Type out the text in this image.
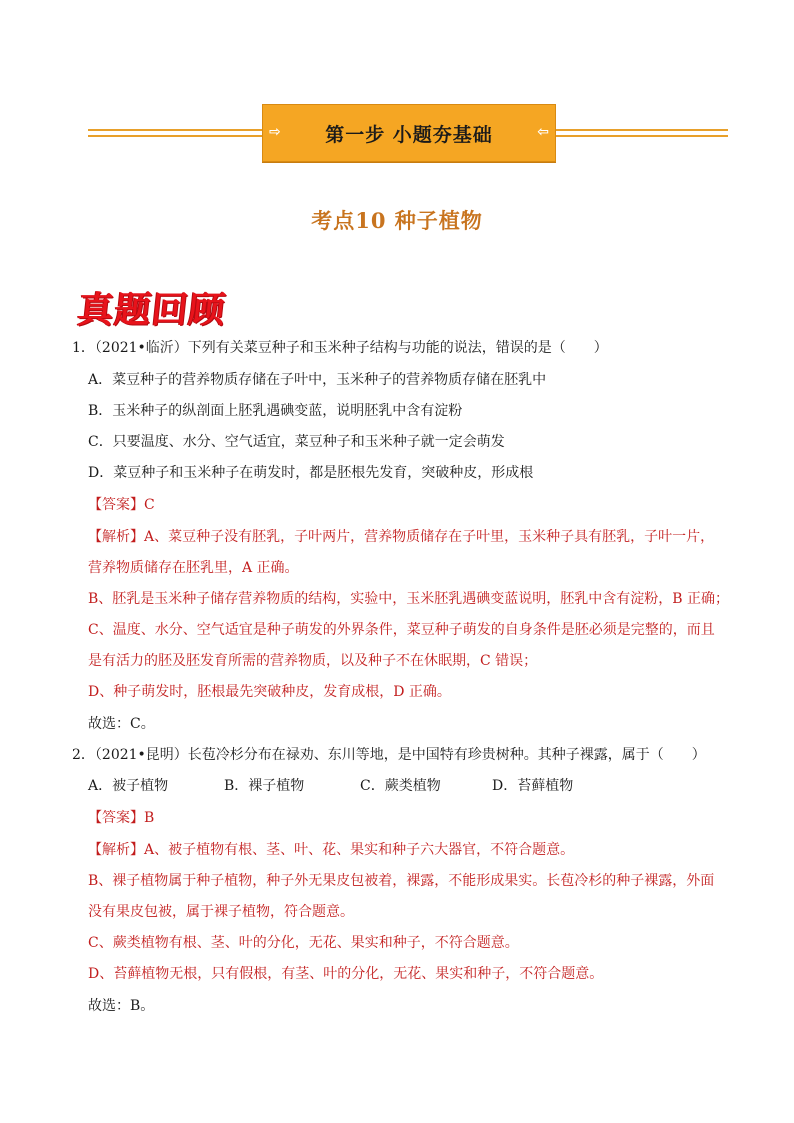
⇨	第一步 小题夯基础	⇦
考点10 种子植物
真题回顾
1．（2021•临沂）下列有关菜豆种子和玉米种子结构与功能的说法，错误的是（　　）
A．菜豆种子的营养物质存储在子叶中，玉米种子的营养物质存储在胚乳中
B．玉米种子的纵剖面上胚乳遇碘变蓝，说明胚乳中含有淀粉
C．只要温度、水分、空气适宜，菜豆种子和玉米种子就一定会萌发
D．菜豆种子和玉米种子在萌发时，都是胚根先发育，突破种皮，形成根
【答案】C
【解析】A、菜豆种子没有胚乳，子叶两片，营养物质储存在子叶里，玉米种子具有胚乳，子叶一片，
营养物质储存在胚乳里，A 正确。
B、胚乳是玉米种子储存营养物质的结构，实验中，玉米胚乳遇碘变蓝说明，胚乳中含有淀粉，B 正确；
C、温度、水分、空气适宜是种子萌发的外界条件，菜豆种子萌发的自身条件是胚必须是完整的，而且
是有活力的胚及胚发育所需的营养物质，以及种子不在休眠期，C 错误；
D、种子萌发时，胚根最先突破种皮，发育成根，D 正确。
故选：C。
2．（2021•昆明）长苞冷杉分布在禄劝、东川等地，是中国特有珍贵树种。其种子裸露，属于（　　）
A．被子植物	B．裸子植物	C．蕨类植物	D．苔藓植物
【答案】B
【解析】A、被子植物有根、茎、叶、花、果实和种子六大器官，不符合题意。
B、裸子植物属于种子植物，种子外无果皮包被着，裸露，不能形成果实。长苞冷杉的种子裸露，外面
没有果皮包被，属于裸子植物，符合题意。
C、蕨类植物有根、茎、叶的分化，无花、果实和种子，不符合题意。
D、苔藓植物无根，只有假根，有茎、叶的分化，无花、果实和种子，不符合题意。
故选：B。
